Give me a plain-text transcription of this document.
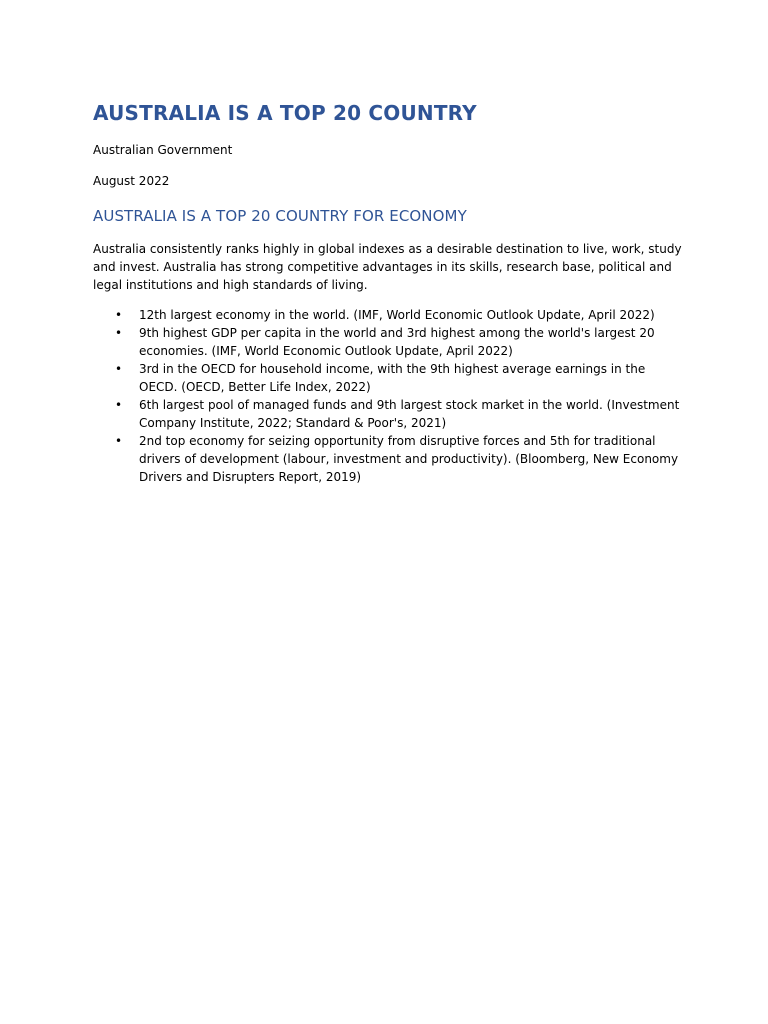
AUSTRALIA IS A TOP 20 COUNTRY

Australian Government

August 2022

AUSTRALIA IS A TOP 20 COUNTRY FOR ECONOMY

Australia consistently ranks highly in global indexes as a desirable destination to live, work, study and invest. Australia has strong competitive advantages in its skills, research base, political and legal institutions and high standards of living.

• 12th largest economy in the world. (IMF, World Economic Outlook Update, April 2022)
• 9th highest GDP per capita in the world and 3rd highest among the world's largest 20 economies. (IMF, World Economic Outlook Update, April 2022)
• 3rd in the OECD for household income, with the 9th highest average earnings in the OECD. (OECD, Better Life Index, 2022)
• 6th largest pool of managed funds and 9th largest stock market in the world. (Investment Company Institute, 2022; Standard & Poor's, 2021)
• 2nd top economy for seizing opportunity from disruptive forces and 5th for traditional drivers of development (labour, investment and productivity). (Bloomberg, New Economy Drivers and Disrupters Report, 2019)
